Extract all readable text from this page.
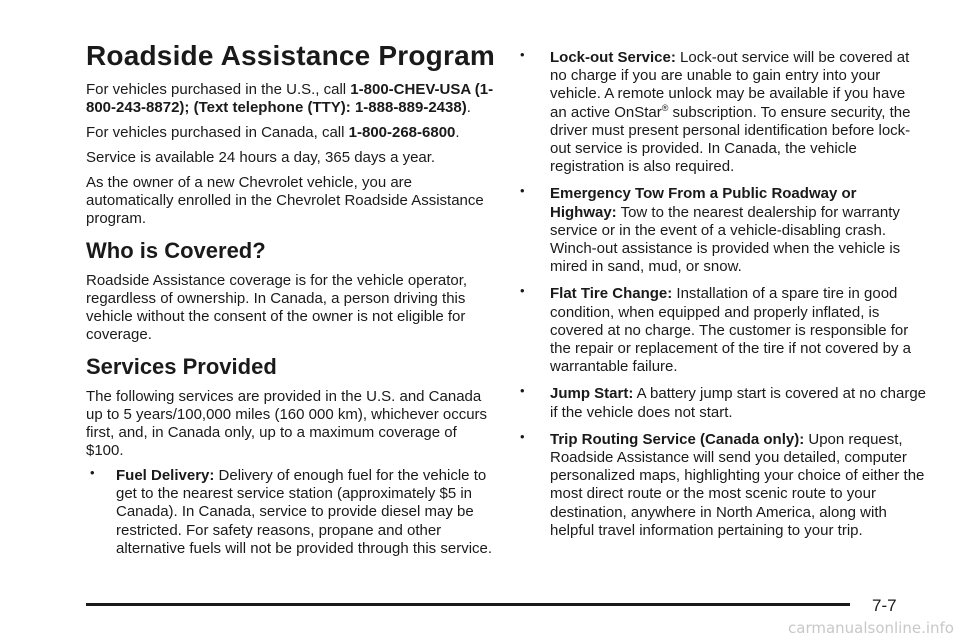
Roadside Assistance Program

For vehicles purchased in the U.S., call 1-800-CHEV-USA (1-800-243-8872); (Text telephone (TTY): 1-888-889-2438).

For vehicles purchased in Canada, call 1-800-268-6800.

Service is available 24 hours a day, 365 days a year.

As the owner of a new Chevrolet vehicle, you are automatically enrolled in the Chevrolet Roadside Assistance program.

Who is Covered?

Roadside Assistance coverage is for the vehicle operator, regardless of ownership. In Canada, a person driving this vehicle without the consent of the owner is not eligible for coverage.

Services Provided

The following services are provided in the U.S. and Canada up to 5 years/100,000 miles (160 000 km), whichever occurs first, and, in Canada only, up to a maximum coverage of $100.

• Fuel Delivery: Delivery of enough fuel for the vehicle to get to the nearest service station (approximately $5 in Canada). In Canada, service to provide diesel may be restricted. For safety reasons, propane and other alternative fuels will not be provided through this service.
• Lock-out Service: Lock-out service will be covered at no charge if you are unable to gain entry into your vehicle. A remote unlock may be available if you have an active OnStar® subscription. To ensure security, the driver must present personal identification before lock-out service is provided. In Canada, the vehicle registration is also required.
• Emergency Tow From a Public Roadway or Highway: Tow to the nearest dealership for warranty service or in the event of a vehicle-disabling crash. Winch-out assistance is provided when the vehicle is mired in sand, mud, or snow.
• Flat Tire Change: Installation of a spare tire in good condition, when equipped and properly inflated, is covered at no charge. The customer is responsible for the repair or replacement of the tire if not covered by a warrantable failure.
• Jump Start: A battery jump start is covered at no charge if the vehicle does not start.
• Trip Routing Service (Canada only): Upon request, Roadside Assistance will send you detailed, computer personalized maps, highlighting your choice of either the most direct route or the most scenic route to your destination, anywhere in North America, along with helpful travel information pertaining to your trip.
7-7
carmanualsonline.info
